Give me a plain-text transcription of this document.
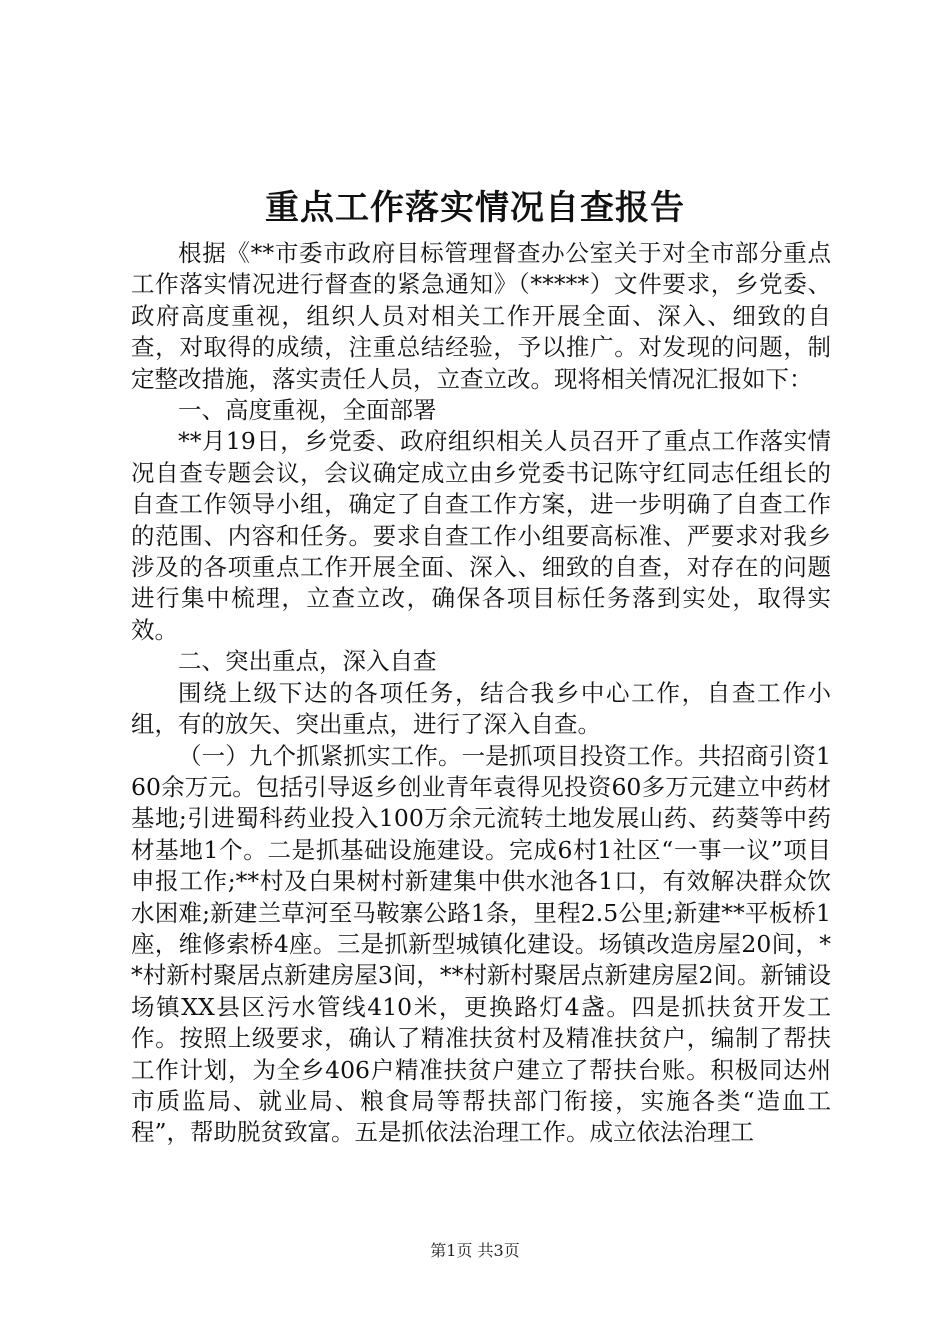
重点工作落实情况自查报告

根据《**市委市政府目标管理督查办公室关于对全市部分重点工作落实情况进行督查的紧急通知》（*****）文件要求，乡党委、政府高度重视，组织人员对相关工作开展全面、深入、细致的自查，对取得的成绩，注重总结经验，予以推广。对发现的问题，制定整改措施，落实责任人员，立查立改。现将相关情况汇报如下：

一、高度重视，全面部署

**月19日，乡党委、政府组织相关人员召开了重点工作落实情况自查专题会议，会议确定成立由乡党委书记陈守红同志任组长的自查工作领导小组，确定了自查工作方案，进一步明确了自查工作的范围、内容和任务。要求自查工作小组要高标准、严要求对我乡涉及的各项重点工作开展全面、深入、细致的自查，对存在的问题进行集中梳理，立查立改，确保各项目标任务落到实处，取得实效。

二、突出重点，深入自查

围绕上级下达的各项任务，结合我乡中心工作，自查工作小组，有的放矢、突出重点，进行了深入自查。

（一）九个抓紧抓实工作。一是抓项目投资工作。共招商引资160余万元。包括引导返乡创业青年袁得见投资60多万元建立中药材基地;引进蜀科药业投入100万余元流转土地发展山药、药葵等中药材基地1个。二是抓基础设施建设。完成6村1社区“一事一议”项目申报工作;**村及白果树村新建集中供水池各1口，有效解决群众饮水困难;新建兰草河至马鞍寨公路1条，里程2.5公里;新建**平板桥1座，维修索桥4座。三是抓新型城镇化建设。场镇改造房屋20间，**村新村聚居点新建房屋3间，**村新村聚居点新建房屋2间。新铺设场镇XX县区污水管线410米，更换路灯4盏。四是抓扶贫开发工作。按照上级要求，确认了精准扶贫村及精准扶贫户，编制了帮扶工作计划，为全乡406户精准扶贫户建立了帮扶台账。积极同达州市质监局、就业局、粮食局等帮扶部门衔接，实施各类“造血工程”，帮助脱贫致富。五是抓依法治理工作。成立依法治理工

第1页 共3页
